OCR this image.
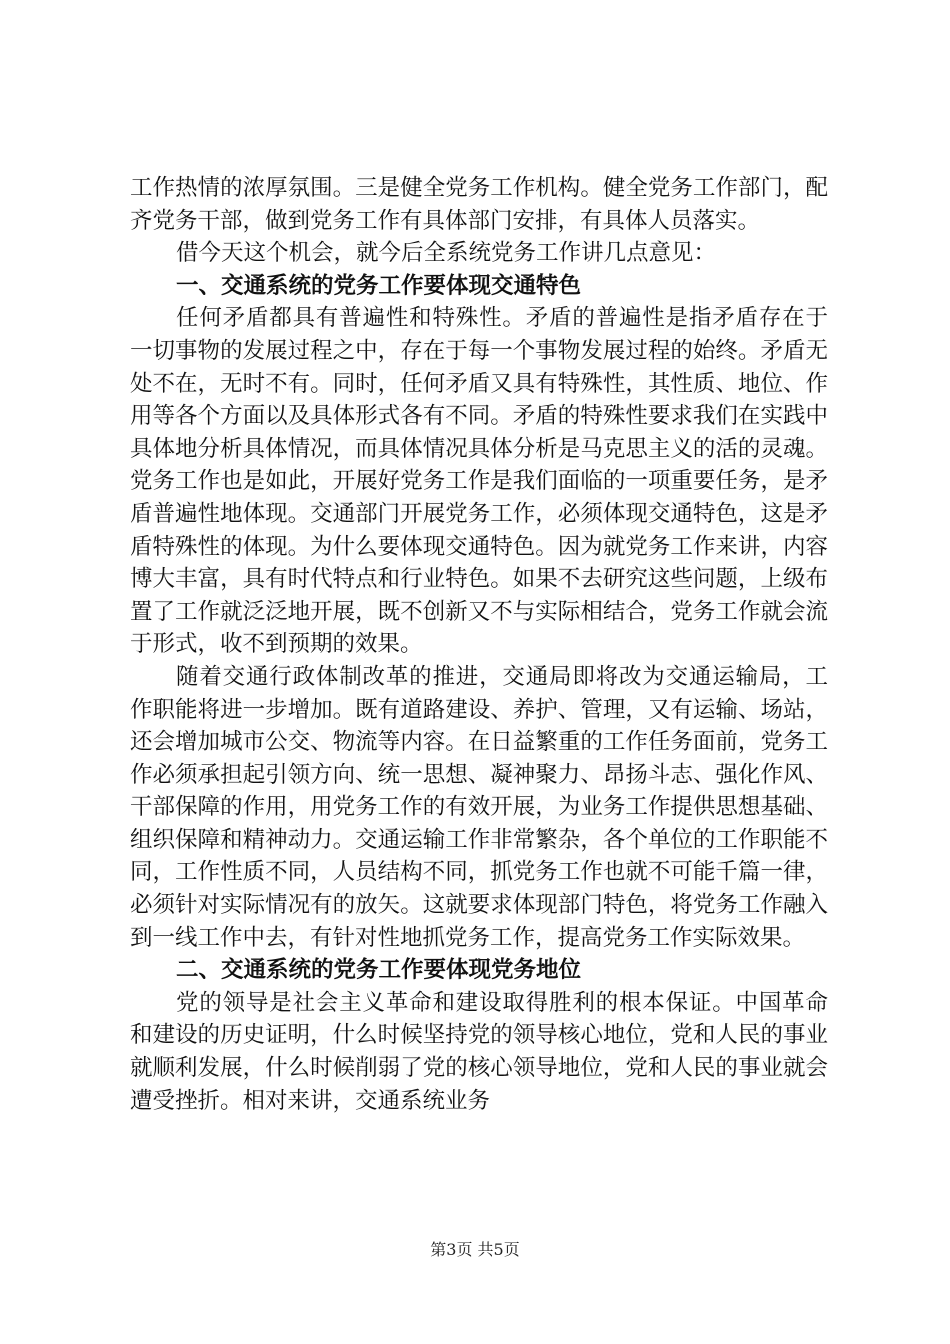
工作热情的浓厚氛围。三是健全党务工作机构。健全党务工作部门，配齐党务干部，做到党务工作有具体部门安排，有具体人员落实。

借今天这个机会，就今后全系统党务工作讲几点意见：

一、交通系统的党务工作要体现交通特色

任何矛盾都具有普遍性和特殊性。矛盾的普遍性是指矛盾存在于一切事物的发展过程之中，存在于每一个事物发展过程的始终。矛盾无处不在，无时不有。同时，任何矛盾又具有特殊性，其性质、地位、作用等各个方面以及具体形式各有不同。矛盾的特殊性要求我们在实践中具体地分析具体情况，而具体情况具体分析是马克思主义的活的灵魂。党务工作也是如此，开展好党务工作是我们面临的一项重要任务，是矛盾普遍性地体现。交通部门开展党务工作，必须体现交通特色，这是矛盾特殊性的体现。为什么要体现交通特色。因为就党务工作来讲，内容博大丰富，具有时代特点和行业特色。如果不去研究这些问题，上级布置了工作就泛泛地开展，既不创新又不与实际相结合，党务工作就会流于形式，收不到预期的效果。

随着交通行政体制改革的推进，交通局即将改为交通运输局，工作职能将进一步增加。既有道路建设、养护、管理，又有运输、场站，还会增加城市公交、物流等内容。在日益繁重的工作任务面前，党务工作必须承担起引领方向、统一思想、凝神聚力、昂扬斗志、强化作风、干部保障的作用，用党务工作的有效开展，为业务工作提供思想基础、组织保障和精神动力。交通运输工作非常繁杂，各个单位的工作职能不同，工作性质不同，人员结构不同，抓党务工作也就不可能千篇一律，必须针对实际情况有的放矢。这就要求体现部门特色，将党务工作融入到一线工作中去，有针对性地抓党务工作，提高党务工作实际效果。

二、交通系统的党务工作要体现党务地位

党的领导是社会主义革命和建设取得胜利的根本保证。中国革命和建设的历史证明，什么时候坚持党的领导核心地位，党和人民的事业就顺利发展，什么时候削弱了党的核心领导地位，党和人民的事业就会遭受挫折。相对来讲，交通系统业务

第3页 共5页
